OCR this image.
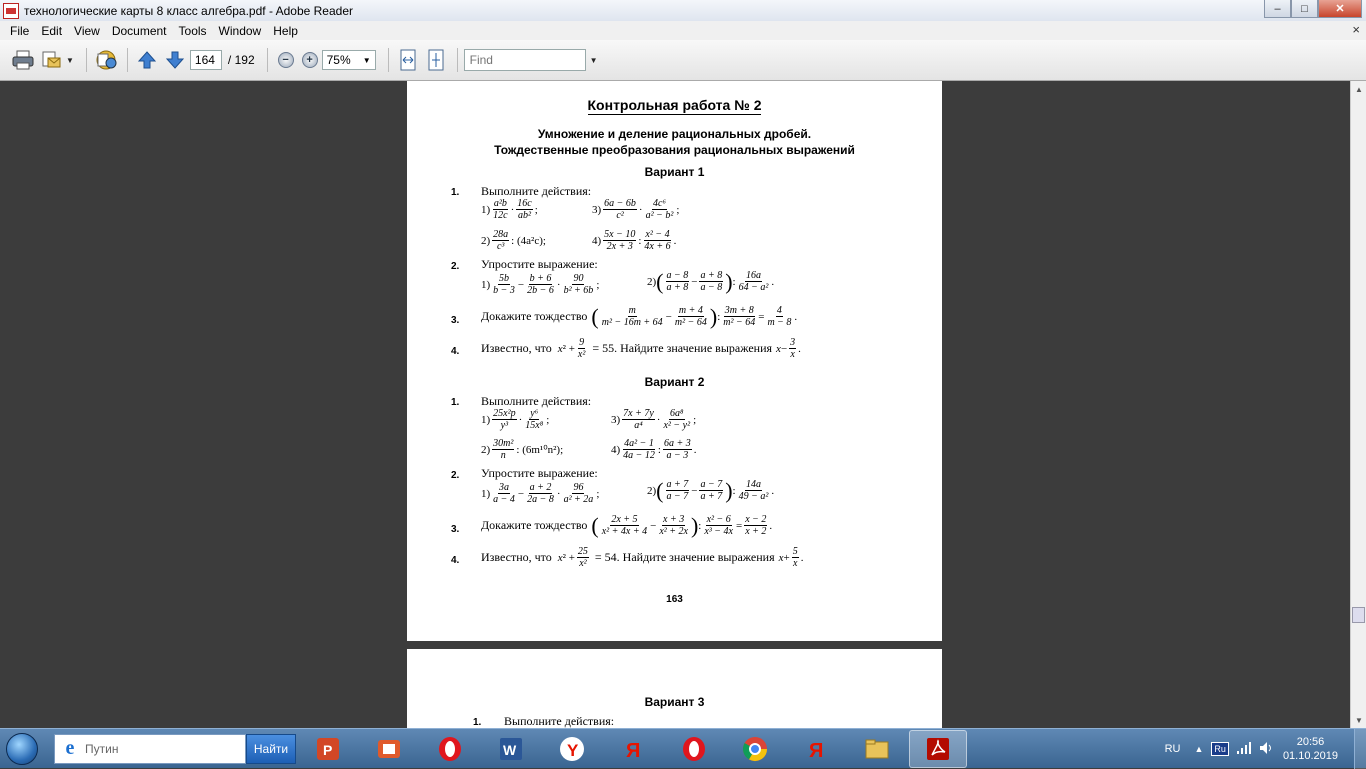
технологические карты 8 класс алгебра.pdf - Adobe Reader	–	□	✕
File	Edit	View	Document	Tools	Window	Help	×
▼
164	/ 192	−	+	75% ▼
Find	▼
Контрольная работа № 2
Умножение и деление рациональных дробей.
Тождественные преобразования рациональных выражений
Вариант 1
1. Выполните действия:
$1) \frac{\text{a²b}}{12c} \cdot \frac{16c}{\text{ab²}}$ ;	$3) \frac{6a - 6b}{\text{c²}} \cdot \frac{\text{4c⁶}}{\text{a² − b²}}$ ;
$2) \frac{28a}{\text{c³}}$ : (4a²c);	$4) \frac{5x - 10}{2x + 3}$ : $\frac{\text{x² − 4}}{4x + 6}$ .
2. Упростите выражение:
$1) \frac{5b}{b - 3} - \frac{b + 6}{2b - 6} \cdot \frac{90}{\text{b² + 6b}}$ ;	2) ( $\frac{a - 8}{a + 8} - \frac{a + 8}{a - 8}$ ) : $\frac{16a}{\text{64 − a²}}$ .
3. Докажите тождество ( $\frac{m}{\text{m² − 16m + 64}} - \frac{m + 4}{\text{m² − 64}}$ ) : $\frac{3m + 8}{\text{m² − 64}} = \frac{4}{m - 8}$ .
4. Известно, что x $^2 + \frac{9}{\text{x²}} = 55$. Найдите значение выражения $x - \frac{3}{x}$ .
Вариант 2
1. Выполните действия:
$1) \frac{\text{25x²p}}{\text{y³}} \cdot \frac{\text{y⁶}}{\text{15x⁸}}$ ;	$3) \frac{7x + 7y}{\text{a⁴}} \cdot \frac{\text{6a⁸}}{\text{x² − y²}}$ ;
$2) \frac{\text{30m²}}{n}$ : (6m¹⁰n²);	$4) \frac{\text{4a² − 1}}{4a - 12}$ : $\frac{6a + 3}{a - 3}$ .
2. Упростите выражение:
$1) \frac{3a}{a - 4} - \frac{a + 2}{2a - 8} \cdot \frac{96}{\text{a² + 2a}}$ ;	2) ( $\frac{a + 7}{a - 7} - \frac{a - 7}{a + 7}$ ) : $\frac{14a}{\text{49 − a²}}$ .
3. Докажите тождество ( $\frac{2x + 5}{\text{x² + 4x + 4}} - \frac{x + 3}{\text{x² + 2x}}$ ) : $\frac{\text{x² − 6}}{\text{x³ − 4x}} = \frac{x - 2}{x + 2}$ .
4. Известно, что x $^2 + \frac{25}{\text{x²}} = 54$. Найдите значение выражения $x + \frac{5}{x}$ .
163
Вариант 3
1. Выполните действия:
▲
▼
e Путин	Найти	P	W	Y Я	Я	RU ▲	Ru
20:56
01.10.2019
